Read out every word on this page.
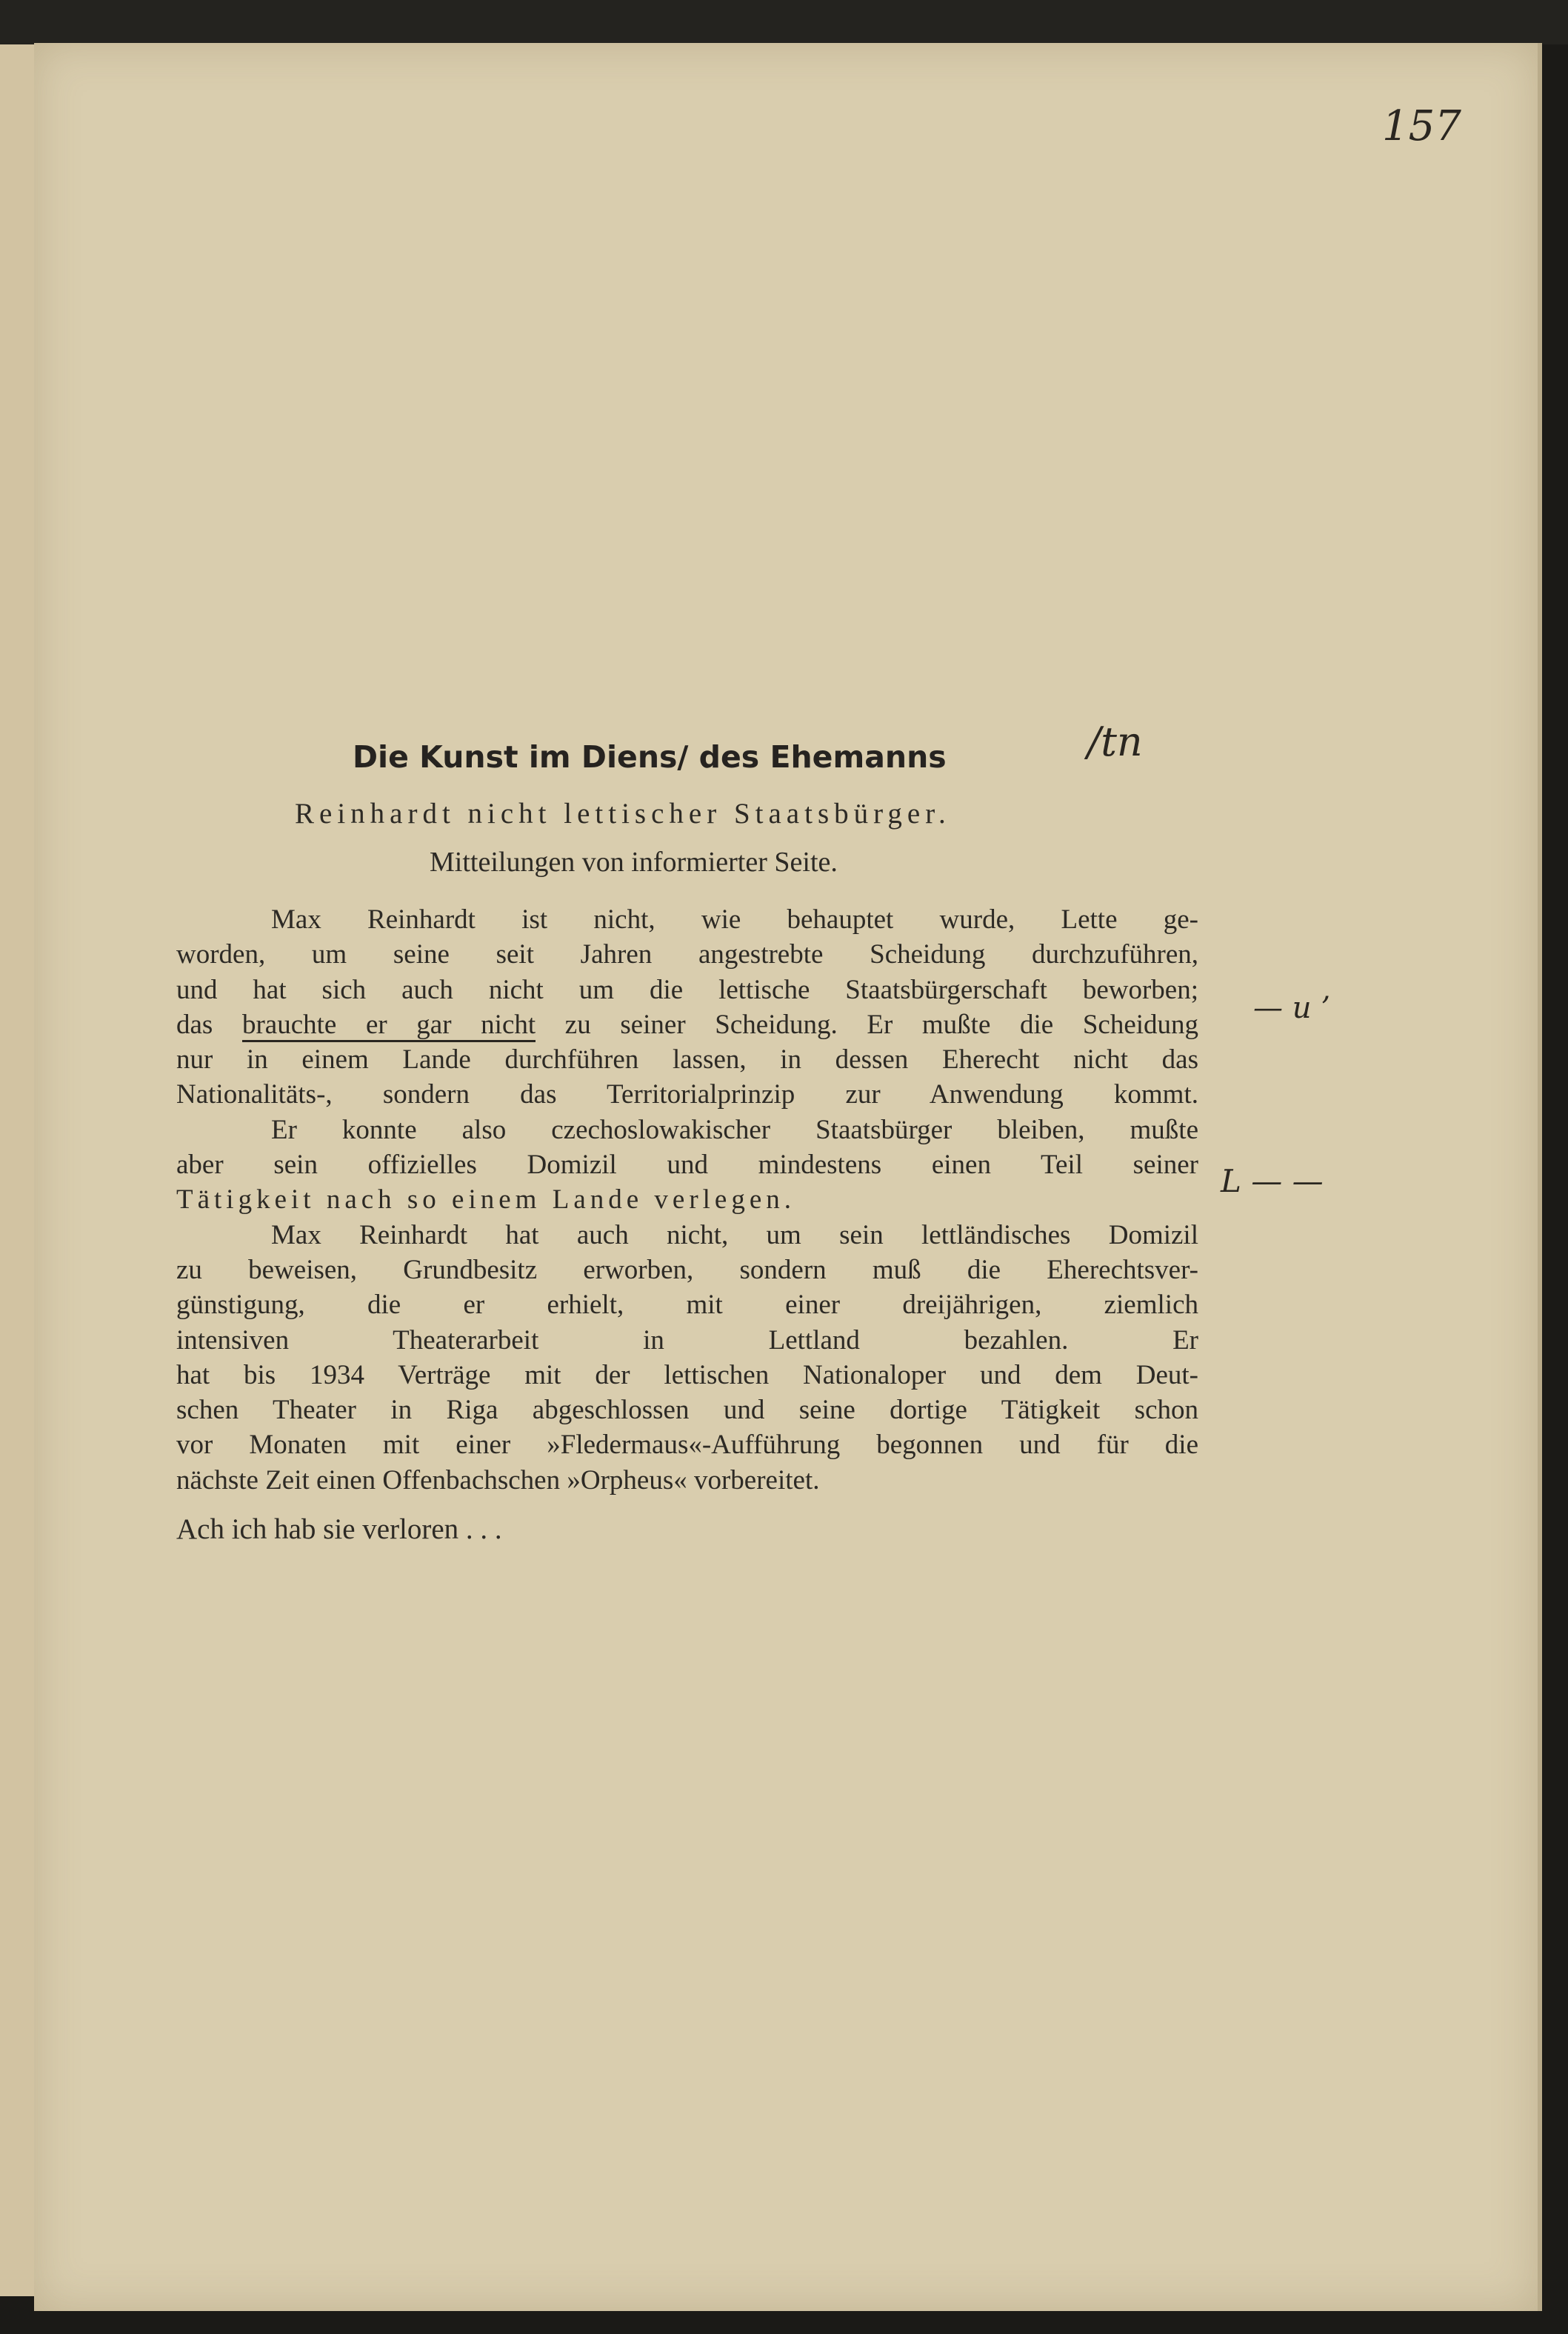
157
Die Kunst im Diens/ des Ehemanns	/tn
Reinhardt nicht lettischer Staatsbürger.
Mitteilungen von informierter Seite.
Max Reinhardt ist nicht, wie behauptet wurde, Lette ge-
worden, um seine seit Jahren angestrebte Scheidung durchzuführen,
und hat sich auch nicht um die lettische Staatsbürgerschaft beworben;
das brauchte er gar nicht zu seiner Scheidung. Er mußte die Scheidung
nur in einem Lande durchführen lassen, in dessen Eherecht nicht das
Nationalitäts-, sondern das Territorialprinzip zur Anwendung kommt.
Er konnte also czechoslowakischer Staatsbürger bleiben, mußte
aber sein offizielles Domizil und mindestens einen Teil seiner
Tätigkeit nach so einem Lande verlegen.
Max Reinhardt hat auch nicht, um sein lettländisches Domizil
zu beweisen, Grundbesitz erworben, sondern muß die Eherechtsver-
günstigung, die er erhielt, mit einer dreijährigen, ziemlich
intensiven Theaterarbeit in Lettland bezahlen. Er
hat bis 1934 Verträge mit der lettischen Nationaloper und dem Deut-
schen Theater in Riga abgeschlossen und seine dortige Tätigkeit schon
vor Monaten mit einer »Fledermaus«-Aufführung begonnen und für die
nächste Zeit einen Offenbachschen »Orpheus« vorbereitet.
Ach ich hab sie verloren . . .
— u ’
L — —
